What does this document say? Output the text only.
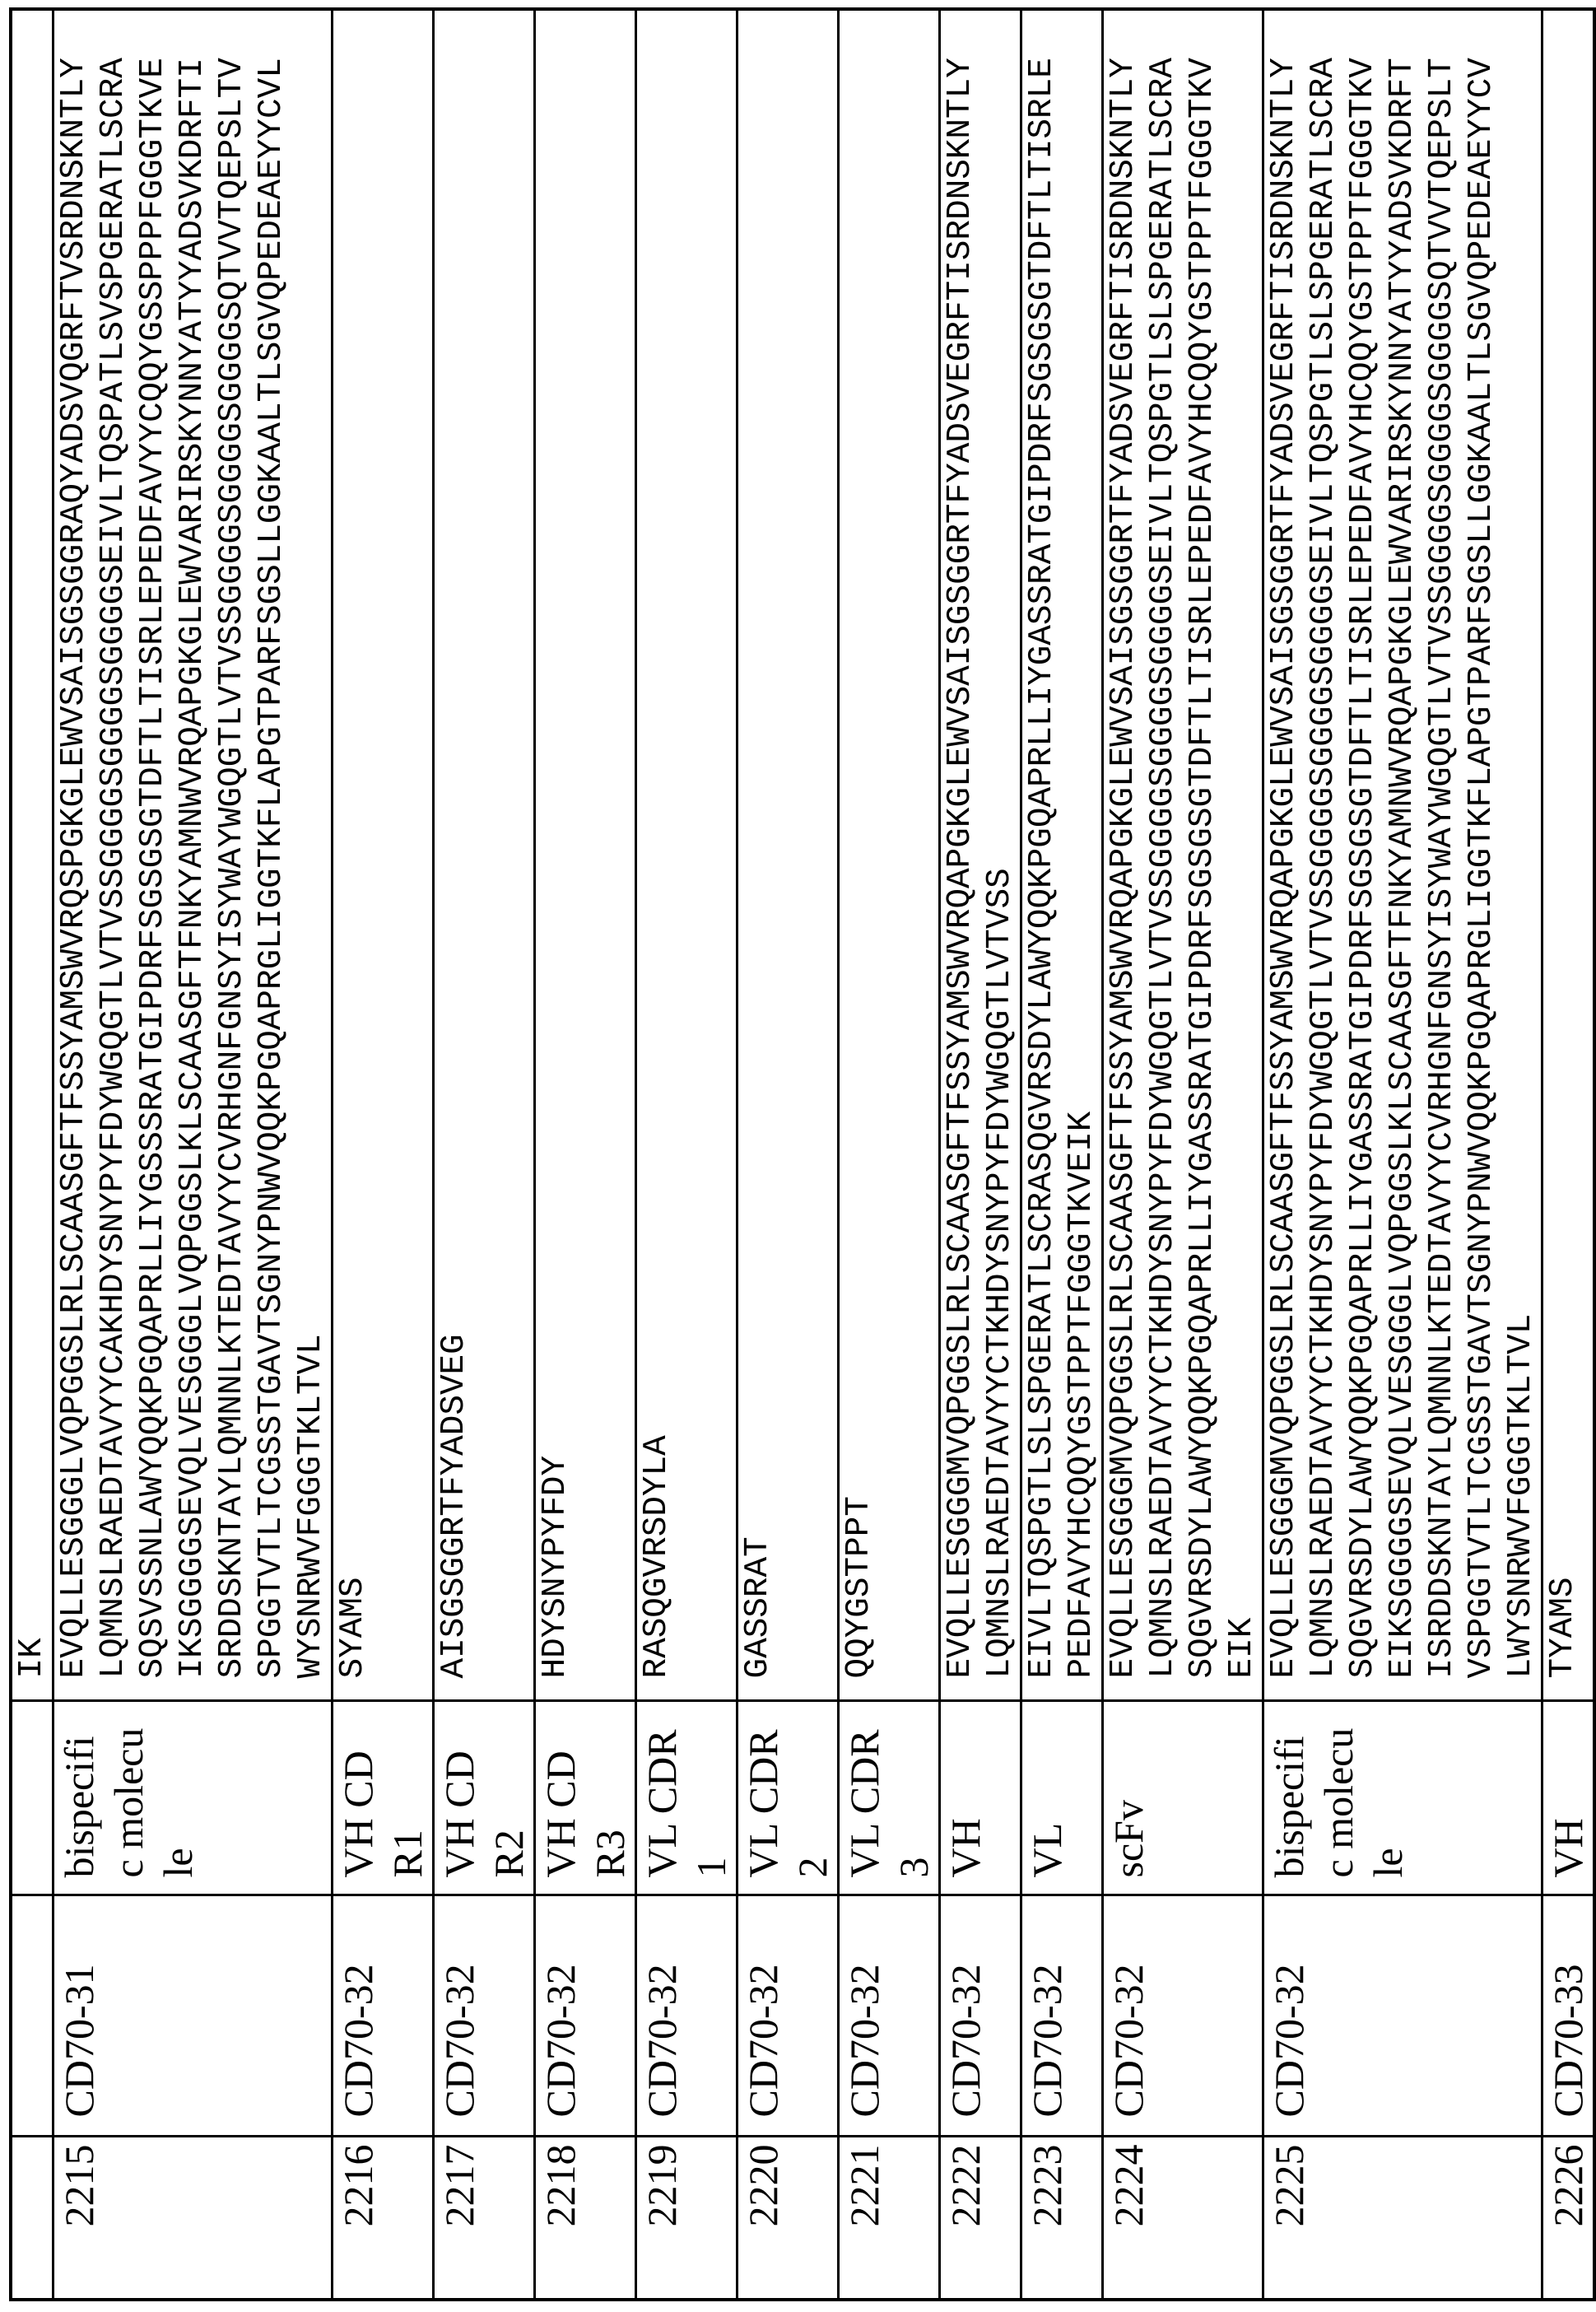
IK

2215	CD70-31	
bispecific molecule

EVQLLESGGGLVQPGGSLRLSCAASGFTFSSYAMSWVRQSPGKGLEWVSAISGSGGRAQYADSVQGRFTVSRDNSKNTLYLQMNSLRAEDTAVYYCAKHDYSNYPYFDYWGQGTLVTVSSGGGGSGGGGSGGGGSEIVLTQSPATLSVSPGERATLSCRASQSVSSNLAWYQQKPGQAPRLLIYGSSSRATGIPDRFSGSGSGTDFTLTISRLEPEDFAVYYCQQYGSSPPPFGGGTKVEIKSGGGGSEVQLVESGGGLVQPGGSLKLSCAASGFTFNKYAMNWVRQAPGKGLEWVARIRSKYNNYATYYADSVKDRFTISRDDSKNTAYLQMNNLKTEDTAVYYCVRHGNFGNSYISYWAYWGQGTLVTVSSGGGGSGGGGSGGGGSQTVVTQEPSLTVSPGGTVTLTCGSSTGAVTSGNYPNWVQQKPGQAPRGLIGGTKFLAPGTPARFSGSLLGGKAALTLSGVQPEDEAEYYCVLWYSNRWVFGGGTKLTVL

2216	CD70-32	
VH CDR1

SYAMS

2217	CD70-32	
VH CDR2

AISGSGGRTFYADSVEG

2218	CD70-32	
VH CDR3

HDYSNYPYFDY

2219	CD70-32	
VL CDR1

RASQGVRSDYLA

2220	CD70-32	
VL CDR2

GASSRAT

2221	CD70-32	
VL CDR3

QQYGSTPPT

2222	CD70-32	
VH

EVQLLESGGGMVQPGGSLRLSCAASGFTFSSYAMSWVRQAPGKGLEWVSAISGSGGRTFYADSVEGRFTISRDNSKNTLYLQMNSLRAEDTAVYYCTKHDYSNYPYFDYWGQGTLVTVSS

2223	CD70-32	
VL

EIVLTQSPGTLSLSPGERATLSCRASQGVRSDYLAWYQQKPGQAPRLLIYGASSRATGIPDRFSGSGSGTDFTLTISRLEPEDFAVYHCQQYGSTPPTFGGGTKVEIK

2224	CD70-32	
scFv

EVQLLESGGGMVQPGGSLRLSCAASGFTFSSYAMSWVRQAPGKGLEWVSAISGSGGRTFYADSVEGRFTISRDNSKNTLYLQMNSLRAEDTAVYYCTKHDYSNYPYFDYWGQGTLVTVSSGGGGSGGGGSGGGGSEIVLTQSPGTLSLSPGERATLSCRASQGVRSDYLAWYQQKPGQAPRLLIYGASSRATGIPDRFSGSGSGTDFTLTISRLEPEDFAVYHCQQYGSTPPTFGGGTKVEIK

2225	CD70-32	
bispecific molecule

EVQLLESGGGMVQPGGSLRLSCAASGFTFSSYAMSWVRQAPGKGLEWVSAISGSGGRTFYADSVEGRFTISRDNSKNTLYLQMNSLRAEDTAVYYCTKHDYSNYPYFDYWGQGTLVTVSSGGGGSGGGGSGGGGSEIVLTQSPGTLSLSPGERATLSCRASQGVRSDYLAWYQQKPGQAPRLLIYGASSRATGIPDRFSGSGSGTDFTLTISRLEPEDFAVYHCQQYGSTPPTFGGGTKVEIKSGGGGSEVQLVESGGGLVQPGGSLKLSCAASGFTFNKYAMNWVRQAPGKGLEWVARIRSKYNNYATYYADSVKDRFTISRDDSKNTAYLQMNNLKTEDTAVYYCVRHGNFGNSYISYWAYWGQGTLVTVSSGGGGSGGGGSGGGGSQTVVTQEPSLTVSPGGTVTLTCGSSTGAVTSGNYPNWVQQKPGQAPRGLIGGTKFLAPGTPARFSGSLLGGKAALTLSGVQPEDEAEYYCVLWYSNRWVFGGGTKLTVL

2226	CD70-33	
VH

TYAMS
